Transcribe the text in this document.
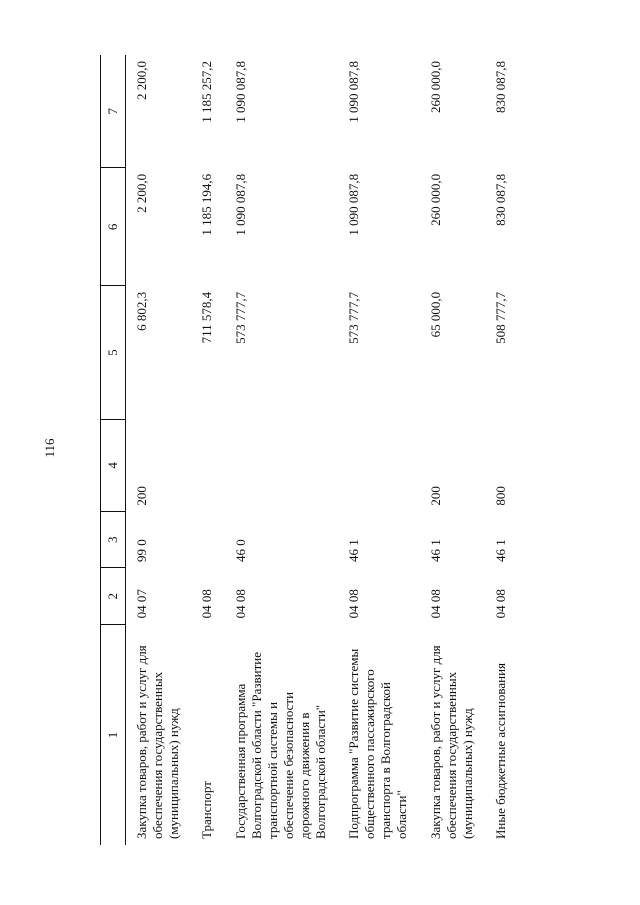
116
1	2	3	4	5	6	7
Закупка товаров, работ и услуг для обеспечения государственных (муниципальных) нужд	04 07	99 0	200	6 802,3	2 200,0	2 200,0
Транспорт	04 08			711 578,4	1 185 194,6	1 185 257,2
Государственная программа Волгоградской области "Развитие транспортной системы и обеспечение безопасности дорожного движения в Волгоградской области"	04 08	46 0		573 777,7	1 090 087,8	1 090 087,8
Подпрограмма "Развитие системы общественного пассажирского транспорта в Волгоградской области"	04 08	46 1		573 777,7	1 090 087,8	1 090 087,8
Закупка товаров, работ и услуг для обеспечения государственных (муниципальных) нужд	04 08	46 1	200	65 000,0	260 000,0	260 000,0
Иные бюджетные ассигнования	04 08	46 1	800	508 777,7	830 087,8	830 087,8
